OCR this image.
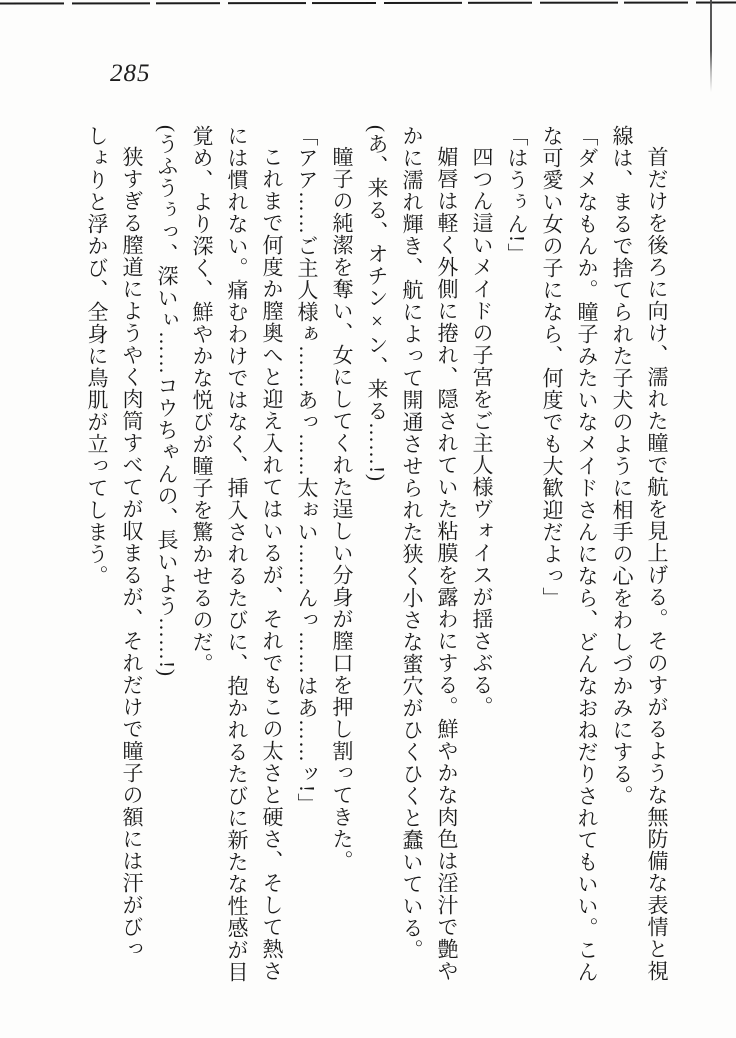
285

首だけを後ろに向け、濡れた瞳で航を見上げる。そのすがるような無防備な表情と視線は、まるで捨てられた子犬のように相手の心をわしづかみにする。

「ダメなもんか。瞳子みたいなメイドさんになら、どんなおねだりされてもいい。こんな可愛い女の子になら、何度でも大歓迎だよっ」

「はうぅん!」

四つん這いメイドの子宮をご主人様ヴォイスが揺さぶる。

媚唇は軽く外側に捲れ、隠されていた粘膜を露わにする。鮮やかな肉色は淫汁で艶やかに濡れ輝き、航によって開通させられた狭く小さな蜜穴がひくひくと蠢いている。

(あ、来る、オチン×ン、来る……!)

瞳子の純潔を奪い、女にしてくれた逞しい分身が膣口を押し割ってきた。

「アア……ご主人様ぁ……あっ……太ぉい……んっ……はあ……ッ!」

これまで何度か膣奥へと迎え入れてはいるが、それでもこの太さと硬さ、そして熱さには慣れない。痛むわけではなく、挿入されるたびに、抱かれるたびに新たな性感が目覚め、より深く、鮮やかな悦びが瞳子を驚かせるのだ。

(うふうぅっ、深いぃ……コウちゃんの、長いよう……!)

狭すぎる膣道にようやく肉筒すべてが収まるが、それだけで瞳子の額には汗がびっしょりと浮かび、全身に鳥肌が立ってしまう。
